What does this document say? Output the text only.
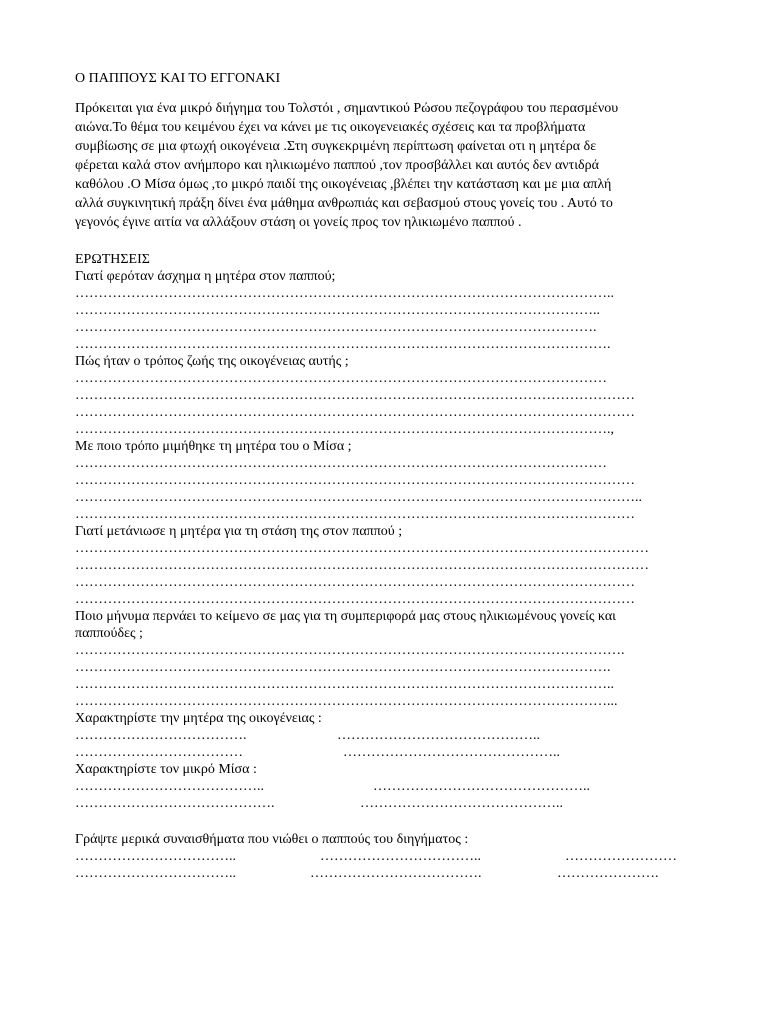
Ο ΠΑΠΠΟΥΣ ΚΑΙ ΤΟ ΕΓΓΟΝΑΚΙ
Πρόκειται για ένα μικρό διήγημα του Τολστόι , σημαντικού Ρώσου πεζογράφου του περασμένου
αιώνα.Το θέμα του κειμένου έχει να κάνει με τις οικογενειακές σχέσεις και τα προβλήματα
συμβίωσης σε μια φτωχή οικογένεια .Στη συγκεκριμένη περίπτωση φαίνεται οτι η μητέρα δε
φέρεται καλά στον ανήμπορο και ηλικιωμένο παππού ,τον προσβάλλει και αυτός δεν αντιδρά
καθόλου .Ο Μίσα όμως ,το μικρό παιδί της οικογένειας ,βλέπει την κατάσταση και με μια απλή
αλλά συγκινητική πράξη δίνει ένα μάθημα ανθρωπιάς και σεβασμού στους γονείς του . Αυτό το
γεγονός έγινε αιτία να αλλάξουν στάση οι γονείς προς τον ηλικιωμένο παππού .
ΕΡΩΤΗΣΕΙΣ
Γιατί φερόταν άσχημα η μητέρα στον παππού;
……………………………………………………………………………………………………..
…………………………………………………………………………………………………..
………………………………………………………………………………………………….
…………………………………………………………………………………………………….
Πώς ήταν ο τρόπος ζωής της οικογένειας αυτής ;
……………………………………………………………………………………………………
…………………………………………………………………………………………………………
…………………………………………………………………………………………………………
…………………………………………………………………………………………………….,
Με ποιο τρόπο μιμήθηκε τη μητέρα του ο Μίσα ;
……………………………………………………………………………………………………
…………………………………………………………………………………………………………
…………………………………………………………………………………………………………..
…………………………………………………………………………………………………………
Γιατί μετάνιωσε η μητέρα για τη στάση της στον παππού ;
……………………………………………………………………………………………………………
……………………………………………………………………………………………………………
…………………………………………………………………………………………………………
…………………………………………………………………………………………………………
Ποιο μήνυμα περνάει το κείμενο σε μας για τη συμπεριφορά μας στους ηλικιωμένους γονείς και
παππούδες ;
……………………………………………………………………………………………………….
…………………………………………………………………………………………………….
……………………………………………………………………………………………………..
……………………………………………………………………………………………………...
Χαρακτηρίστε την μητέρα της οικογένειας :
……………………………….	……………………………………..
………………………………	………………………………………..
Χαρακτηρίστε τον μικρό Μίσα :
…………………………………..	………………………………………..
…………………………………….	……………………………………..
Γράψτε μερικά συναισθήματα που νιώθει ο παππούς του διηγήματος :
……………………………..	……………………………..	……………………
……………………………..	……………………………….	………………….
